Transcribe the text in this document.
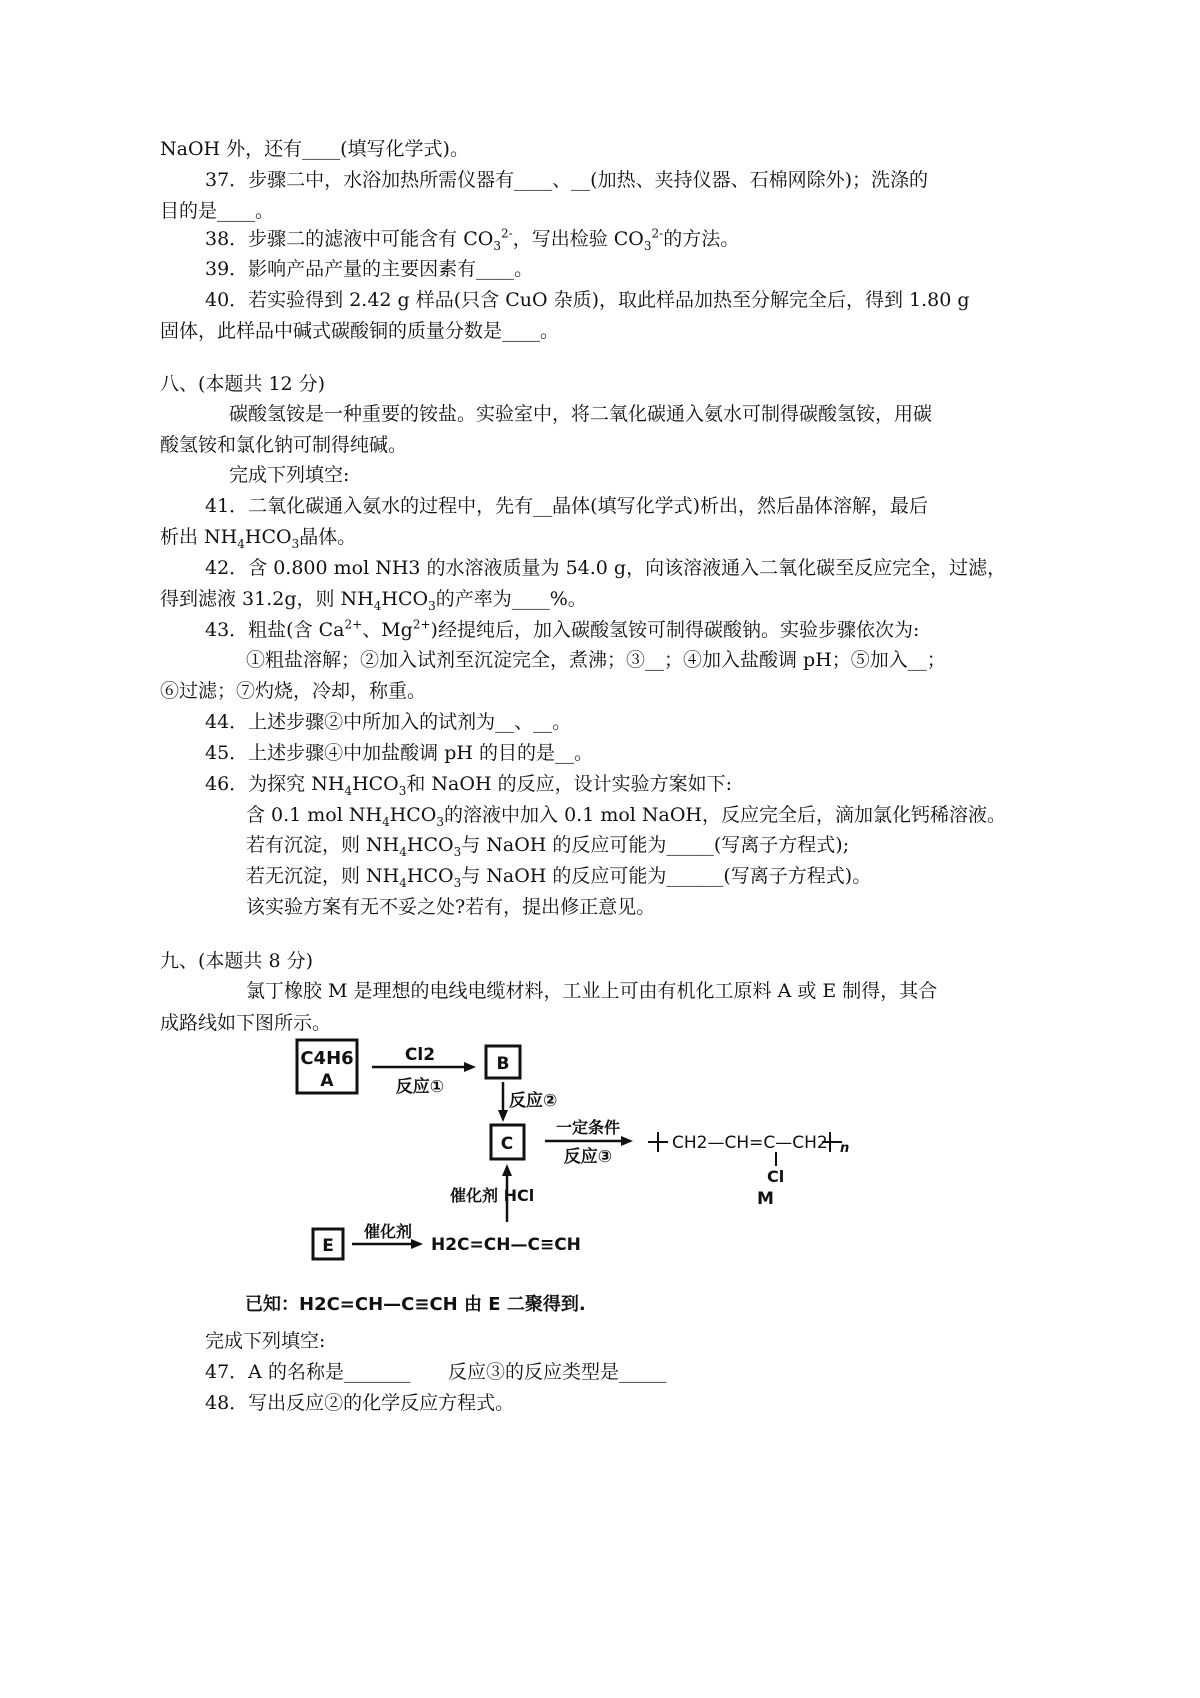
NaOH 外，还有____(填写化学式)。
37．步骤二中，水浴加热所需仪器有____、__(加热、夹持仪器、石棉网除外)；洗涤的
目的是____。
38．步骤二的滤液中可能含有 $CO_3^{2-}$，写出检验 $CO_3^{2-}$的方法。
39．影响产品产量的主要因素有____。
40．若实验得到 2.42 g 样品(只含 CuO 杂质)，取此样品加热至分解完全后，得到 1.80 g
固体，此样品中碱式碳酸铜的质量分数是____。
八、(本题共 12 分)
碳酸氢铵是一种重要的铵盐。实验室中，将二氧化碳通入氨水可制得碳酸氢铵，用碳
酸氢铵和氯化钠可制得纯碱。
完成下列填空:
41．二氧化碳通入氨水的过程中，先有__晶体(填写化学式)析出，然后晶体溶解，最后
析出 $NH_4HCO_3$晶体。
42．含 0.800 mol NH3 的水溶液质量为 54.0 g，向该溶液通入二氧化碳至反应完全，过滤，
得到滤液 31.2g，则 $NH_4HCO_3$的产率为____%。
43．粗盐(含 $Ca^{2+}$、$Mg^{2+}$)经提纯后，加入碳酸氢铵可制得碳酸钠。实验步骤依次为:
①粗盐溶解；②加入试剂至沉淀完全，煮沸；③__；④加入盐酸调 pH；⑤加入__；
⑥过滤；⑦灼烧，冷却，称重。
44．上述步骤②中所加入的试剂为__、__。
45．上述步骤④中加盐酸调 pH 的目的是__。
46．为探究 $NH_4HCO_3$和 NaOH 的反应，设计实验方案如下:
含 0.1 mol $NH_4HCO_3$的溶液中加入 0.1 mol NaOH，反应完全后，滴加氯化钙稀溶液。
若有沉淀，则 $NH_4HCO_3$与 NaOH 的反应可能为_____(写离子方程式);
若无沉淀，则 $NH_4HCO_3$与 NaOH 的反应可能为______(写离子方程式)。
该实验方案有无不妥之处?若有，提出修正意见。
九、(本题共 8 分)
氯丁橡胶 M 是理想的电线电缆材料，工业上可由有机化工原料 A 或 E 制得，其合
成路线如下图所示。
C4H6
A
Cl2
反应①
B
反应②
C
一定条件
反应③
CH2—CH=C—CH2 n
Cl
M
催化剂 HCl
E
催化剂
H2C=CH—C≡CH
已知：H2C=CH—C≡CH 由 E 二聚得到.
完成下列填空:
47．A 的名称是_______ 反应③的反应类型是_____
48．写出反应②的化学反应方程式。
